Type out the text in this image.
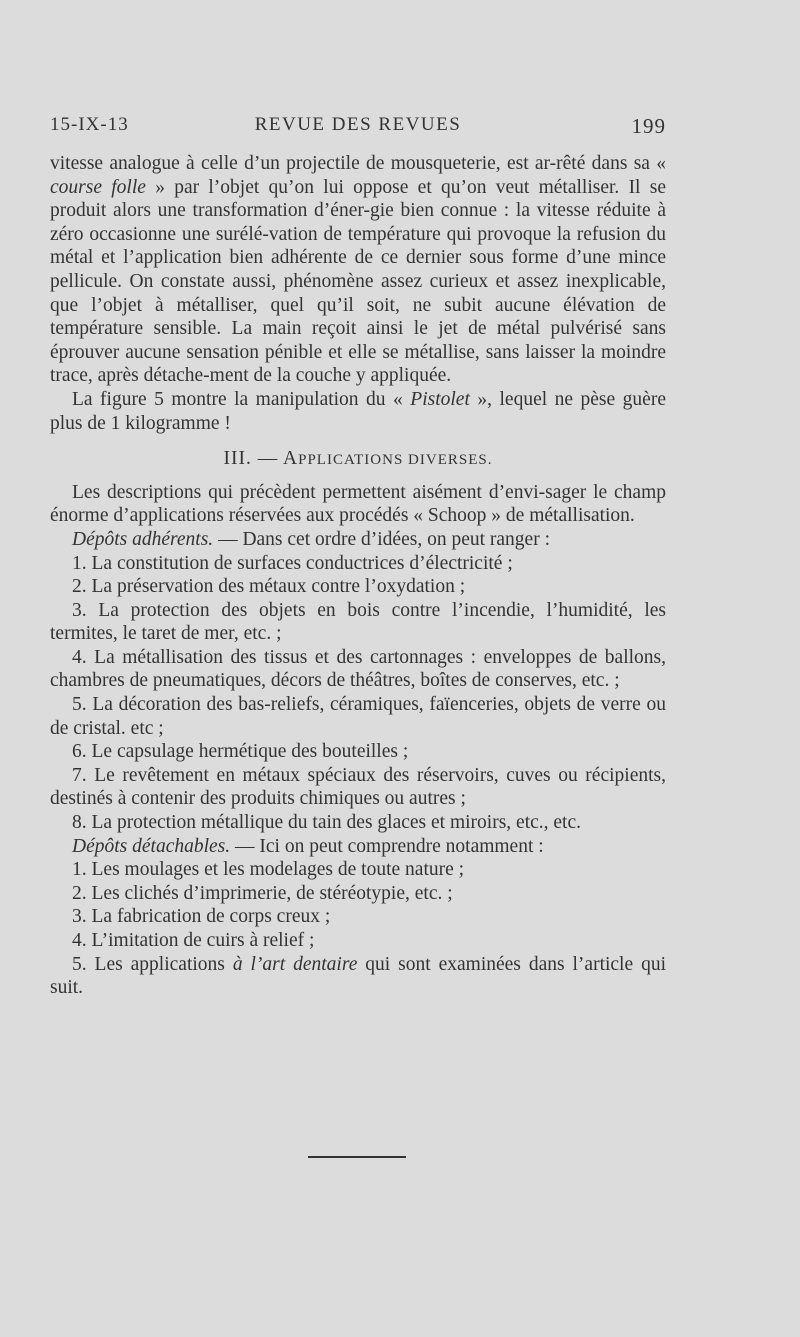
15-IX-13	REVUE DES REVUES	199

vitesse analogue à celle d’un projectile de mousqueterie, est ar-rêté dans sa « course folle » par l’objet qu’on lui oppose et qu’on veut métalliser. Il se produit alors une transformation d’éner-gie bien connue : la vitesse réduite à zéro occasionne une surélé-vation de température qui provoque la refusion du métal et l’application bien adhérente de ce dernier sous forme d’une mince pellicule. On constate aussi, phénomène assez curieux et assez inexplicable, que l’objet à métalliser, quel qu’il soit, ne subit aucune élévation de température sensible. La main reçoit ainsi le jet de métal pulvérisé sans éprouver aucune sensation pénible et elle se métallise, sans laisser la moindre trace, après détache-ment de la couche y appliquée.

La figure 5 montre la manipulation du « Pistolet », lequel ne pèse guère plus de 1 kilogramme !

III. — APPLICATIONS DIVERSES.

Les descriptions qui précèdent permettent aisément d’envi-sager le champ énorme d’applications réservées aux procédés « Schoop » de métallisation.

Dépôts adhérents. — Dans cet ordre d’idées, on peut ranger :

1. La constitution de surfaces conductrices d’électricité ;

2. La préservation des métaux contre l’oxydation ;

3. La protection des objets en bois contre l’incendie, l’humidité, les termites, le taret de mer, etc. ;

4. La métallisation des tissus et des cartonnages : enveloppes de ballons, chambres de pneumatiques, décors de théâtres, boîtes de conserves, etc. ;

5. La décoration des bas-reliefs, céramiques, faïenceries, objets de verre ou de cristal. etc ;

6. Le capsulage hermétique des bouteilles ;

7. Le revêtement en métaux spéciaux des réservoirs, cuves ou récipients, destinés à contenir des produits chimiques ou autres ;

8. La protection métallique du tain des glaces et miroirs, etc., etc.

Dépôts détachables. — Ici on peut comprendre notamment :

1. Les moulages et les modelages de toute nature ;

2. Les clichés d’imprimerie, de stéréotypie, etc. ;

3. La fabrication de corps creux ;

4. L’imitation de cuirs à relief ;

5. Les applications à l’art dentaire qui sont examinées dans l’article qui suit.
